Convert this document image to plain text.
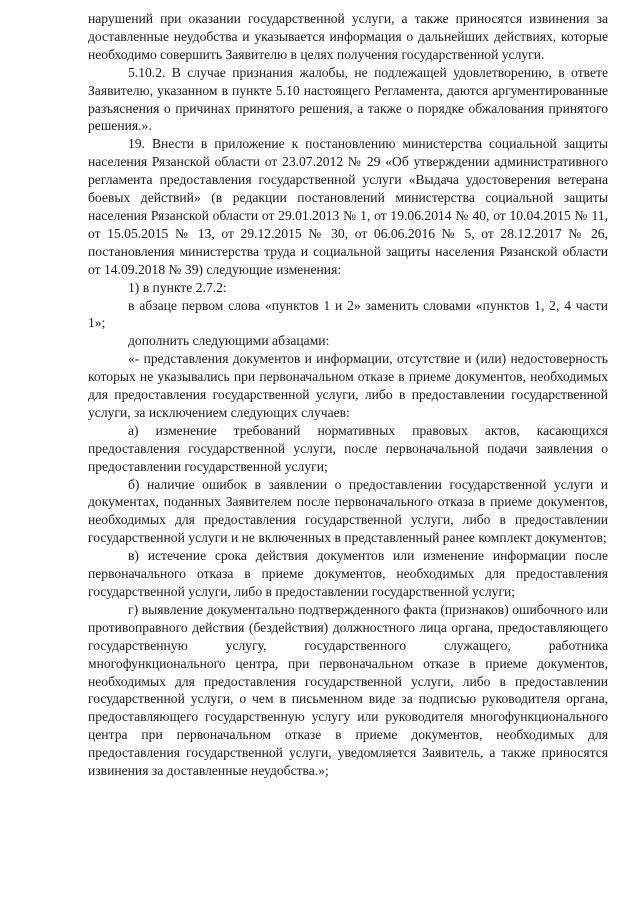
нарушений при оказании государственной услуги, а также приносятся извинения за доставленные неудобства и указывается информация о дальнейших действиях, которые необходимо совершить Заявителю в целях получения государственной услуги.

5.10.2. В случае признания жалобы, не подлежащей удовлетворению, в ответе Заявителю, указанном в пункте 5.10 настоящего Регламента, даются аргументированные разъяснения о причинах принятого решения, а также о порядке обжалования принятого решения.».

19. Внести в приложение к постановлению министерства социальной защиты населения Рязанской области от 23.07.2012 № 29 «Об утверждении административного регламента предоставления государственной услуги «Выдача удостоверения ветерана боевых действий» (в редакции постановлений министерства социальной защиты населения Рязанской области от 29.01.2013 № 1, от 19.06.2014 № 40, от 10.04.2015 № 11, от 15.05.2015 № 13, от 29.12.2015 № 30, от 06.06.2016 № 5, от 28.12.2017 № 26, постановления министерства труда и социальной защиты населения Рязанской области от 14.09.2018 № 39) следующие изменения:

1) в пункте 2.7.2:

в абзаце первом слова «пунктов 1 и 2» заменить словами «пунктов 1, 2, 4 части 1»;

дополнить следующими абзацами:

«- представления документов и информации, отсутствие и (или) недостоверность которых не указывались при первоначальном отказе в приеме документов, необходимых для предоставления государственной услуги, либо в предоставлении государственной услуги, за исключением следующих случаев:

а) изменение требований нормативных правовых актов, касающихся предоставления государственной услуги, после первоначальной подачи заявления о предоставлении государственной услуги;

б) наличие ошибок в заявлении о предоставлении государственной услуги и документах, поданных Заявителем после первоначального отказа в приеме документов, необходимых для предоставления государственной услуги, либо в предоставлении государственной услуги и не включенных в представленный ранее комплект документов;

в) истечение срока действия документов или изменение информации после первоначального отказа в приеме документов, необходимых для предоставления государственной услуги, либо в предоставлении государственной услуги;

г) выявление документально подтвержденного факта (признаков) ошибочного или противоправного действия (бездействия) должностного лица органа, предоставляющего государственную услугу, государственного служащего, работника многофункционального центра, при первоначальном отказе в приеме документов, необходимых для предоставления государственной услуги, либо в предоставлении государственной услуги, о чем в письменном виде за подписью руководителя органа, предоставляющего государственную услугу или руководителя многофункционального центра при первоначальном отказе в приеме документов, необходимых для предоставления государственной услуги, уведомляется Заявитель, а также приносятся извинения за доставленные неудобства.»;
